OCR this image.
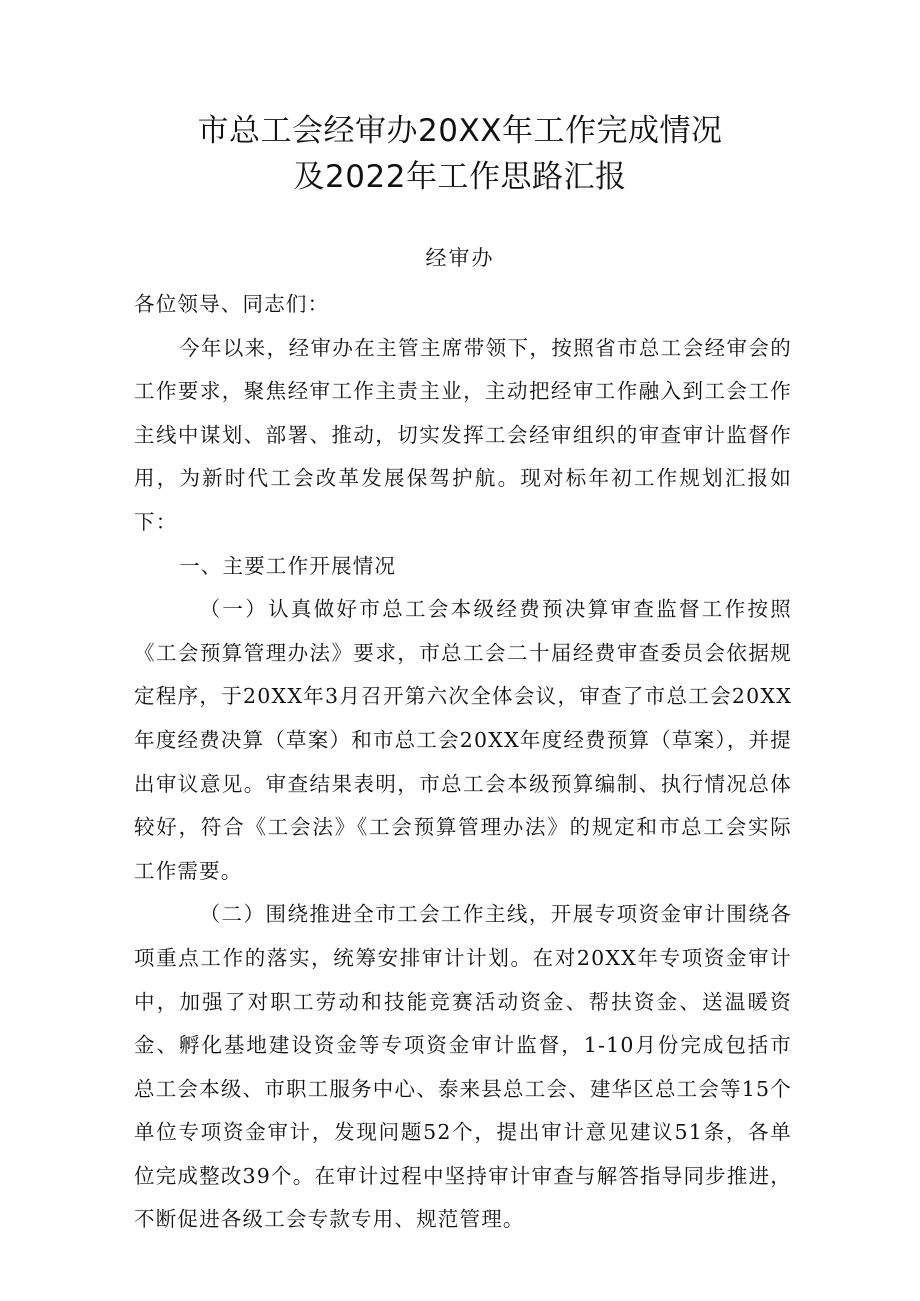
市总工会经审办20XX年工作完成情况
及2022年工作思路汇报
经审办

各位领导、同志们：

今年以来，经审办在主管主席带领下，按照省市总工会经审会的工作要求，聚焦经审工作主责主业，主动把经审工作融入到工会工作主线中谋划、部署、推动，切实发挥工会经审组织的审查审计监督作用，为新时代工会改革发展保驾护航。现对标年初工作规划汇报如下：

一、主要工作开展情况

（一）认真做好市总工会本级经费预决算审查监督工作按照《工会预算管理办法》要求，市总工会二十届经费审查委员会依据规定程序，于20XX年3月召开第六次全体会议，审查了市总工会20XX年度经费决算（草案）和市总工会20XX年度经费预算（草案），并提出审议意见。审查结果表明，市总工会本级预算编制、执行情况总体较好，符合《工会法》《工会预算管理办法》的规定和市总工会实际工作需要。

（二）围绕推进全市工会工作主线，开展专项资金审计围绕各项重点工作的落实，统筹安排审计计划。在对20XX年专项资金审计中，加强了对职工劳动和技能竞赛活动资金、帮扶资金、送温暖资金、孵化基地建设资金等专项资金审计监督，1-10月份完成包括市总工会本级、市职工服务中心、泰来县总工会、建华区总工会等15个单位专项资金审计，发现问题52个，提出审计意见建议51条，各单位完成整改39个。在审计过程中坚持审计审查与解答指导同步推进，不断促进各级工会专款专用、规范管理。
